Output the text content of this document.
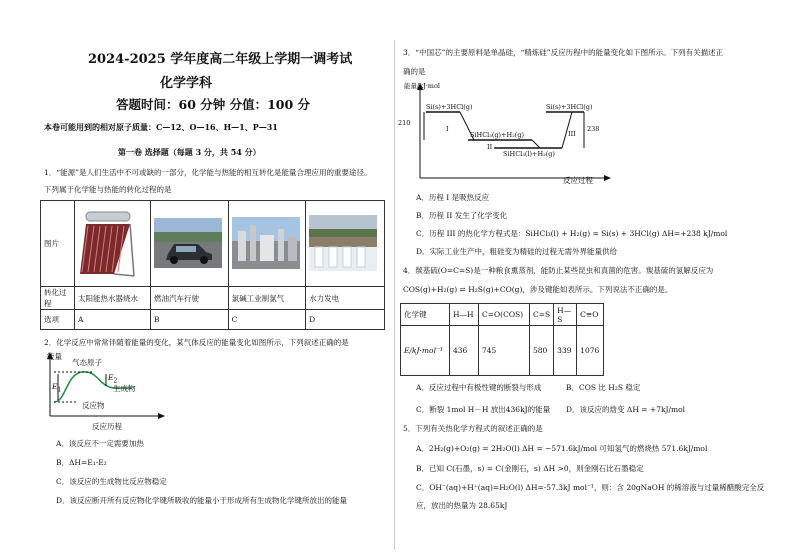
2024-2025 学年度高二年级上学期一调考试
化学学科
答题时间：60 分钟 分值：100 分
本卷可能用到的相对原子质量：C—12、O—16、H—1、P—31
第一卷 选择题（每题 3 分，共 54 分）
1．“能源”是人们生活中不可或缺的一部分，化学能与热能的相互转化是能量合理应用的重要途径。
下列属于化学能与热能的转化过程的是
图片				
转化过程	太阳能热水器烧水	燃油汽车行驶	氯碱工业制氯气	水力发电
选项	A	B	C	D
2．化学反应中常常伴随着能量的变化，某气体反应的能量变化如图所示，下列叙述正确的是
能量
气态原子
$E_1$
$E_2$
生成物
反应物
反应历程
A．该反应不一定需要加热
B．ΔH=E₁-E₂
C．该反应的生成物比反应物稳定
D．该反应断开所有反应物化学键所吸收的能量小于形成所有生成物化学键所放出的能量
3．“中国芯”的主要原料是单晶硅，“精炼硅”反应历程中的能量变化如下图所示。下列有关描述正
确的是
能量/kJ·mol
Si(s)+3HCl(g)	Si(s)+3HCl(g)
SiHCl₃(g)+H₂(g)
SiHCl₃(l)+H₂(g)
210
238
I
II
III
反应过程
A．历程 I 是吸热反应
B．历程 II 发生了化学变化
C．历程 III 的热化学方程式是：SiHCl₃(l) + H₂(g) = Si(s) + 3HCl(g) ΔH=+238 kJ/mol
D．实际工业生产中，粗硅变为精硅的过程无需外界能量供给
4．羰基硫(O=C=S)是一种粮食熏蒸剂，能防止某些昆虫和真菌的危害。羰基硫的氢解反应为
COS(g)+H₂(g) ⇌ H₂S(g)+CO(g)，涉及键能如表所示。下列说法不正确的是。
化学键	H—H	C=O(COS)	C=S	H—S	C≡O
E/kJ·mol⁻¹	436	745	580	339	1076
A．反应过程中有极性键的断裂与形成	B．COS 比 H₂S 稳定
C．断裂 1mol H－H 放出436kJ的能量 D．该反应的焓变 ΔH = +7kJ/mol
5．下列有关热化学方程式的叙述正确的是
A．2H₂(g)+O₂(g) = 2H₂O(l) ΔH = −571.6kJ/mol 可知氢气的燃烧热 571.6kJ/mol
B．已知 C(石墨，s) = C(金刚石，s) ΔH >0，则金刚石比石墨稳定
C．OH⁻(aq)+H⁺(aq)=H₂O(l) ΔH=-57.3kJ mol⁻¹，则：含 20gNaOH 的稀溶液与过量稀醋酸完全反
应，放出的热量为 28.65kJ
